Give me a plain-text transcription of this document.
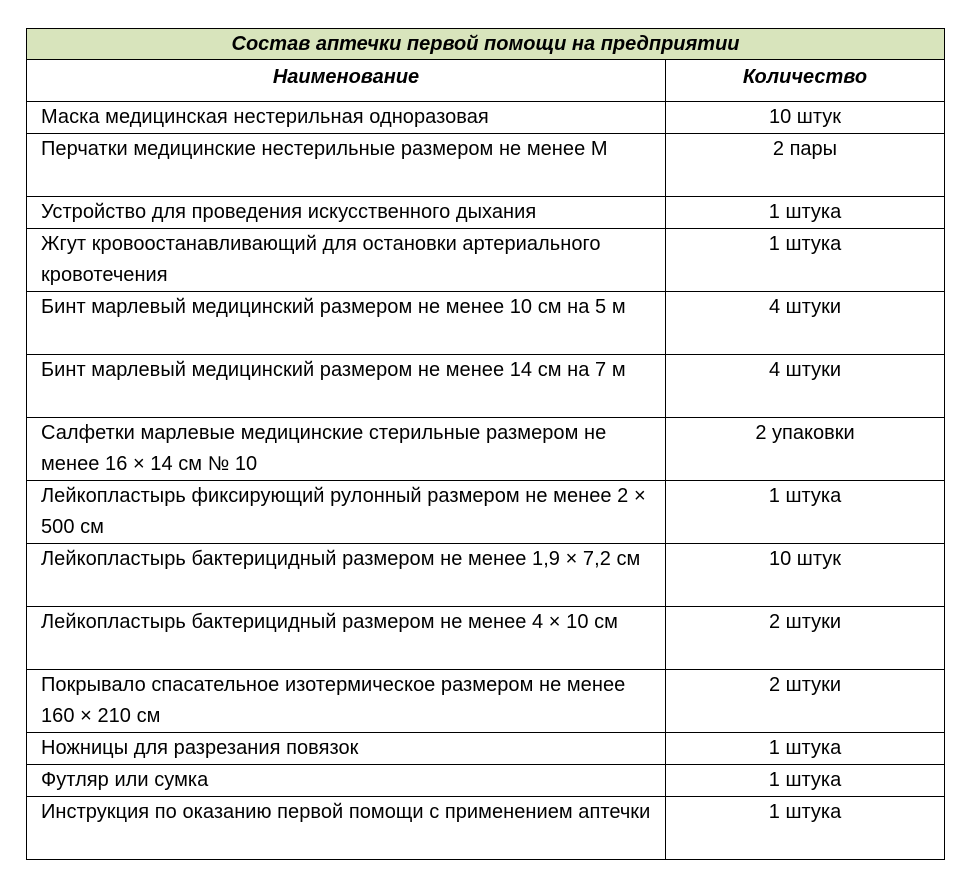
Состав аптечки первой помощи на предприятии	
Наименование	Количество
Маска медицинская нестерильная одноразовая	10 штук
Перчатки медицинские нестерильные размером не менее М	2 пары
Устройство для проведения искусственного дыхания	1 штука
Жгут кровоостанавливающий для остановки артериального кровотечения	1 штука
Бинт марлевый медицинский размером не менее 10 см на 5 м	4 штуки
Бинт марлевый медицинский размером не менее 14 см на 7 м	4 штуки
Салфетки марлевые медицинские стерильные размером не менее 16 × 14 см № 10	2 упаковки
Лейкопластырь фиксирующий рулонный размером не менее 2 × 500 см	1 штука
Лейкопластырь бактерицидный размером не менее 1,9 × 7,2 см	10 штук
Лейкопластырь бактерицидный размером не менее 4 × 10 см	2 штуки
Покрывало спасательное изотермическое размером не менее 160 × 210 см	2 штуки
Ножницы для разрезания повязок	1 штука
Футляр или сумка	1 штука
Инструкция по оказанию первой помощи с применением аптечки	1 штука
